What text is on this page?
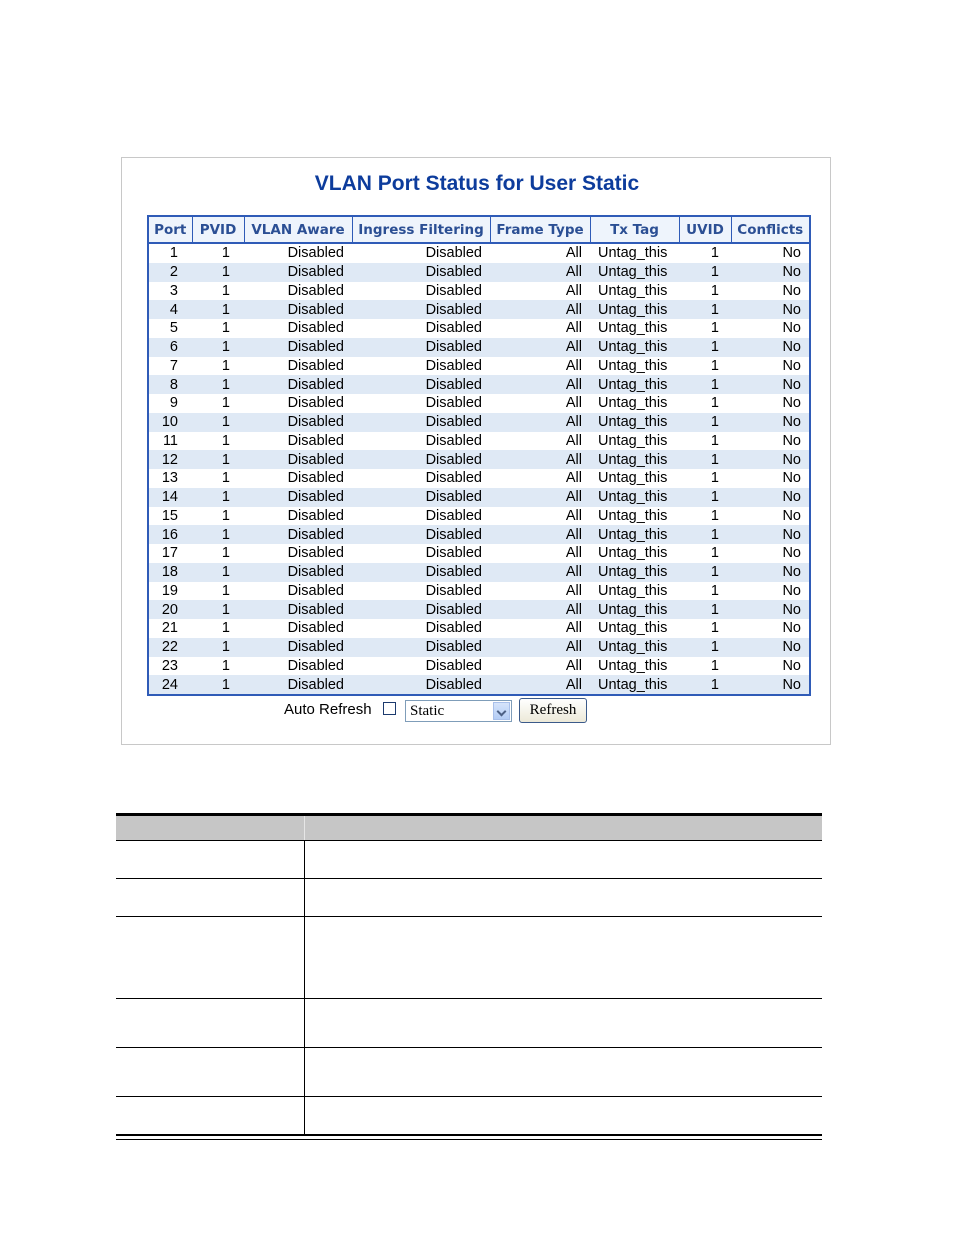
VLAN Port Status for User Static
Port	PVID	VLAN Aware	Ingress Filtering	Frame Type	Tx Tag	UVID	Conflicts
1	1	Disabled	Disabled	All	Untag_this	1	No
2	1	Disabled	Disabled	All	Untag_this	1	No
3	1	Disabled	Disabled	All	Untag_this	1	No
4	1	Disabled	Disabled	All	Untag_this	1	No
5	1	Disabled	Disabled	All	Untag_this	1	No
6	1	Disabled	Disabled	All	Untag_this	1	No
7	1	Disabled	Disabled	All	Untag_this	1	No
8	1	Disabled	Disabled	All	Untag_this	1	No
9	1	Disabled	Disabled	All	Untag_this	1	No
10	1	Disabled	Disabled	All	Untag_this	1	No
11	1	Disabled	Disabled	All	Untag_this	1	No
12	1	Disabled	Disabled	All	Untag_this	1	No
13	1	Disabled	Disabled	All	Untag_this	1	No
14	1	Disabled	Disabled	All	Untag_this	1	No
15	1	Disabled	Disabled	All	Untag_this	1	No
16	1	Disabled	Disabled	All	Untag_this	1	No
17	1	Disabled	Disabled	All	Untag_this	1	No
18	1	Disabled	Disabled	All	Untag_this	1	No
19	1	Disabled	Disabled	All	Untag_this	1	No
20	1	Disabled	Disabled	All	Untag_this	1	No
21	1	Disabled	Disabled	All	Untag_this	1	No
22	1	Disabled	Disabled	All	Untag_this	1	No
23	1	Disabled	Disabled	All	Untag_this	1	No
24	1	Disabled	Disabled	All	Untag_this	1	No
Auto Refresh	Static	Refresh
